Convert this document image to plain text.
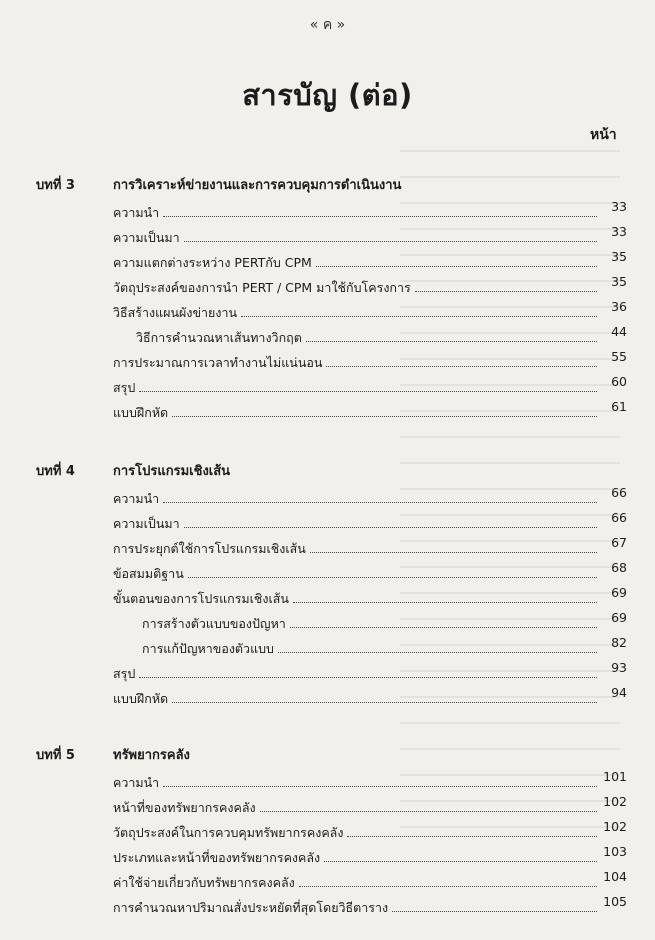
« ค »
สารบัญ (ต่อ)
หน้า
บทที่ 3	การวิเคราะห์ข่ายงานและการควบคุมการดำเนินงาน
ความนำ	33
ความเป็นมา	33
ความแตกต่างระหว่าง PERTกับ CPM	35
วัตถุประสงค์ของการนำ PERT / CPM มาใช้กับโครงการ	35
วิธีสร้างแผนผังข่ายงาน	36
วิธีการคำนวณหาเส้นทางวิกฤต	44
การประมาณการเวลาทำงานไม่แน่นอน	55
สรุป	60
แบบฝึกหัด	61
บทที่ 4	การโปรแกรมเชิงเส้น
ความนำ	66
ความเป็นมา	66
การประยุกต์ใช้การโปรแกรมเชิงเส้น	67
ข้อสมมติฐาน	68
ขั้นตอนของการโปรแกรมเชิงเส้น	69
การสร้างตัวแบบของปัญหา	69
การแก้ปัญหาของตัวแบบ	82
สรุป	93
แบบฝึกหัด	94
บทที่ 5	ทรัพยากรคลัง
ความนำ	101
หน้าที่ของทรัพยากรคงคลัง	102
วัตถุประสงค์ในการควบคุมทรัพยากรคงคลัง	102
ประเภทและหน้าที่ของทรัพยากรคงคลัง	103
ค่าใช้จ่ายเกี่ยวกับทรัพยากรคงคลัง	104
การคำนวณหาปริมาณสั่งประหยัดที่สุดโดยวิธีตาราง	105
